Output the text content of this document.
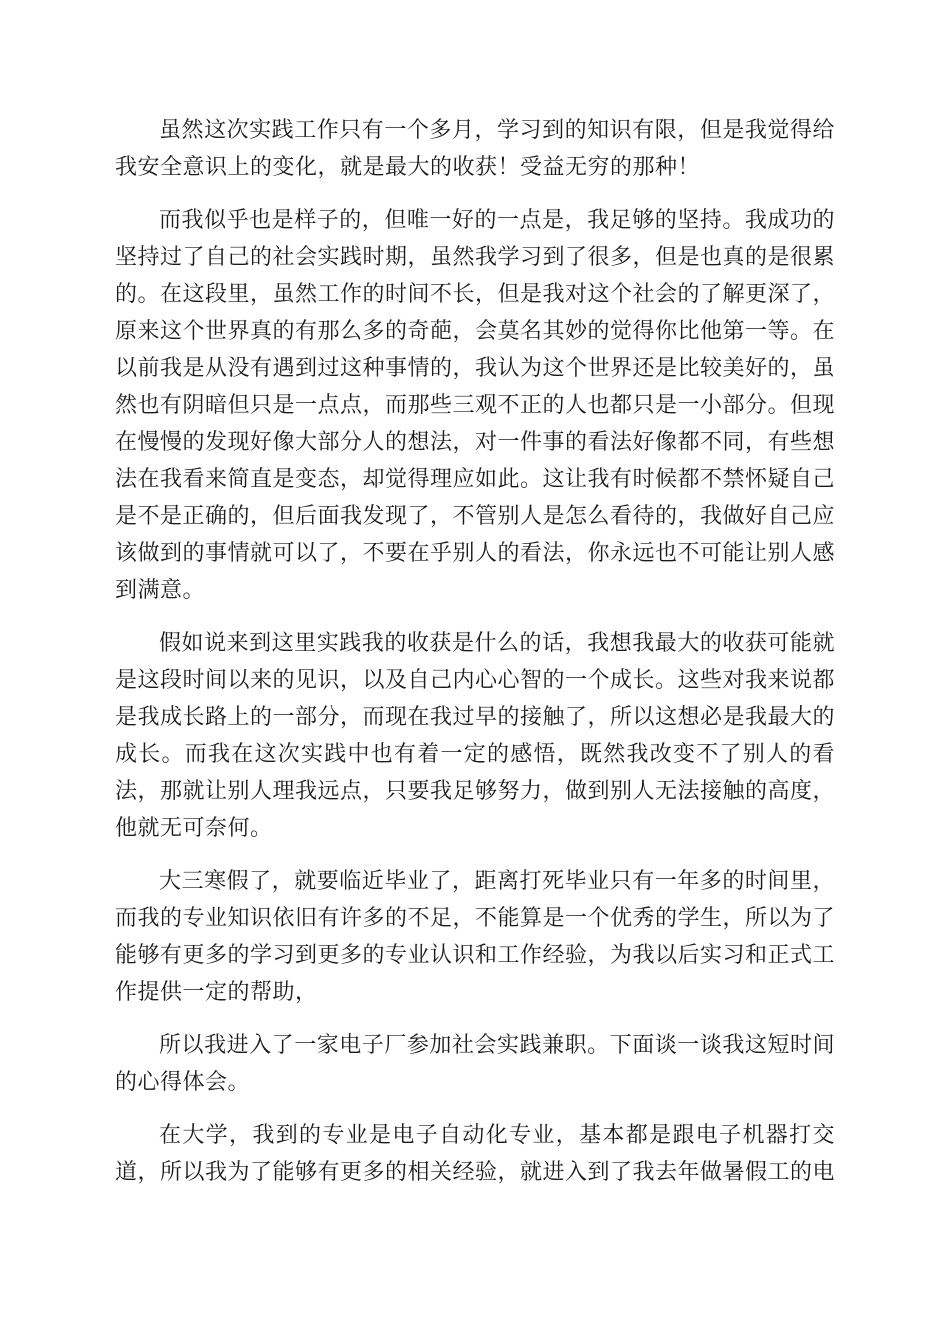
虽然这次实践工作只有一个多月，学习到的知识有限，但是我觉得给我安全意识上的变化，就是最大的收获！受益无穷的那种！

而我似乎也是样子的，但唯一好的一点是，我足够的坚持。我成功的坚持过了自己的社会实践时期，虽然我学习到了很多，但是也真的是很累的。在这段里，虽然工作的时间不长，但是我对这个社会的了解更深了，原来这个世界真的有那么多的奇葩，会莫名其妙的觉得你比他第一等。在以前我是从没有遇到过这种事情的，我认为这个世界还是比较美好的，虽然也有阴暗但只是一点点，而那些三观不正的人也都只是一小部分。但现在慢慢的发现好像大部分人的想法，对一件事的看法好像都不同，有些想法在我看来简直是变态，却觉得理应如此。这让我有时候都不禁怀疑自己是不是正确的，但后面我发现了，不管别人是怎么看待的，我做好自己应该做到的事情就可以了，不要在乎别人的看法，你永远也不可能让别人感到满意。

假如说来到这里实践我的收获是什么的话，我想我最大的收获可能就是这段时间以来的见识，以及自己内心心智的一个成长。这些对我来说都是我成长路上的一部分，而现在我过早的接触了，所以这想必是我最大的成长。而我在这次实践中也有着一定的感悟，既然我改变不了别人的看法，那就让别人理我远点，只要我足够努力，做到别人无法接触的高度，他就无可奈何。

大三寒假了，就要临近毕业了，距离打死毕业只有一年多的时间里，而我的专业知识依旧有许多的不足，不能算是一个优秀的学生，所以为了能够有更多的学习到更多的专业认识和工作经验，为我以后实习和正式工作提供一定的帮助，

所以我进入了一家电子厂参加社会实践兼职。下面谈一谈我这短时间的心得体会。

在大学，我到的专业是电子自动化专业，基本都是跟电子机器打交道，所以我为了能够有更多的相关经验，就进入到了我去年做暑假工的电
